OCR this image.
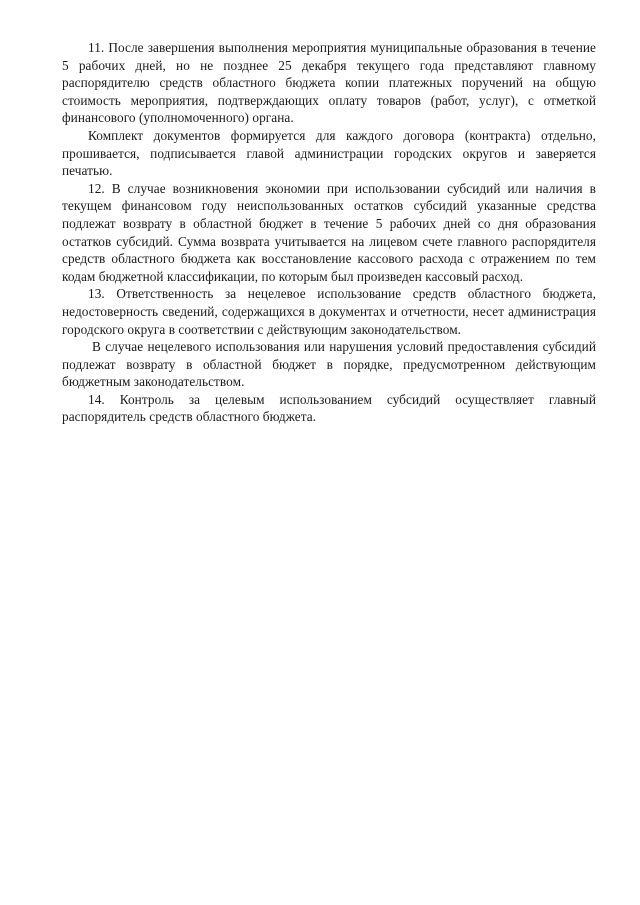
11. После завершения выполнения мероприятия муниципальные образования в течение 5 рабочих дней, но не позднее 25 декабря текущего года представляют главному распорядителю средств областного бюджета копии платежных поручений на общую стоимость мероприятия, подтверждающих оплату товаров (работ, услуг), с отметкой финансового (уполномоченного) органа.

Комплект документов формируется для каждого договора (контракта) отдельно, прошивается, подписывается главой администрации городских округов и заверяется печатью.

12. В случае возникновения экономии при использовании субсидий или наличия в текущем финансовом году неиспользованных остатков субсидий указанные средства подлежат возврату в областной бюджет в течение 5 рабочих дней со дня образования остатков субсидий. Сумма возврата учитывается на лицевом счете главного распорядителя средств областного бюджета как восстановление кассового расхода с отражением по тем кодам бюджетной классификации, по которым был произведен кассовый расход.

13. Ответственность за нецелевое использование средств областного бюджета, недостоверность сведений, содержащихся в документах и отчетности, несет администрация городского округа в соответствии с действующим законодательством.

В случае нецелевого использования или нарушения условий предоставления субсидий подлежат возврату в областной бюджет в порядке, предусмотренном действующим бюджетным законодательством.

14. Контроль за целевым использованием субсидий осуществляет главный распорядитель средств областного бюджета.
